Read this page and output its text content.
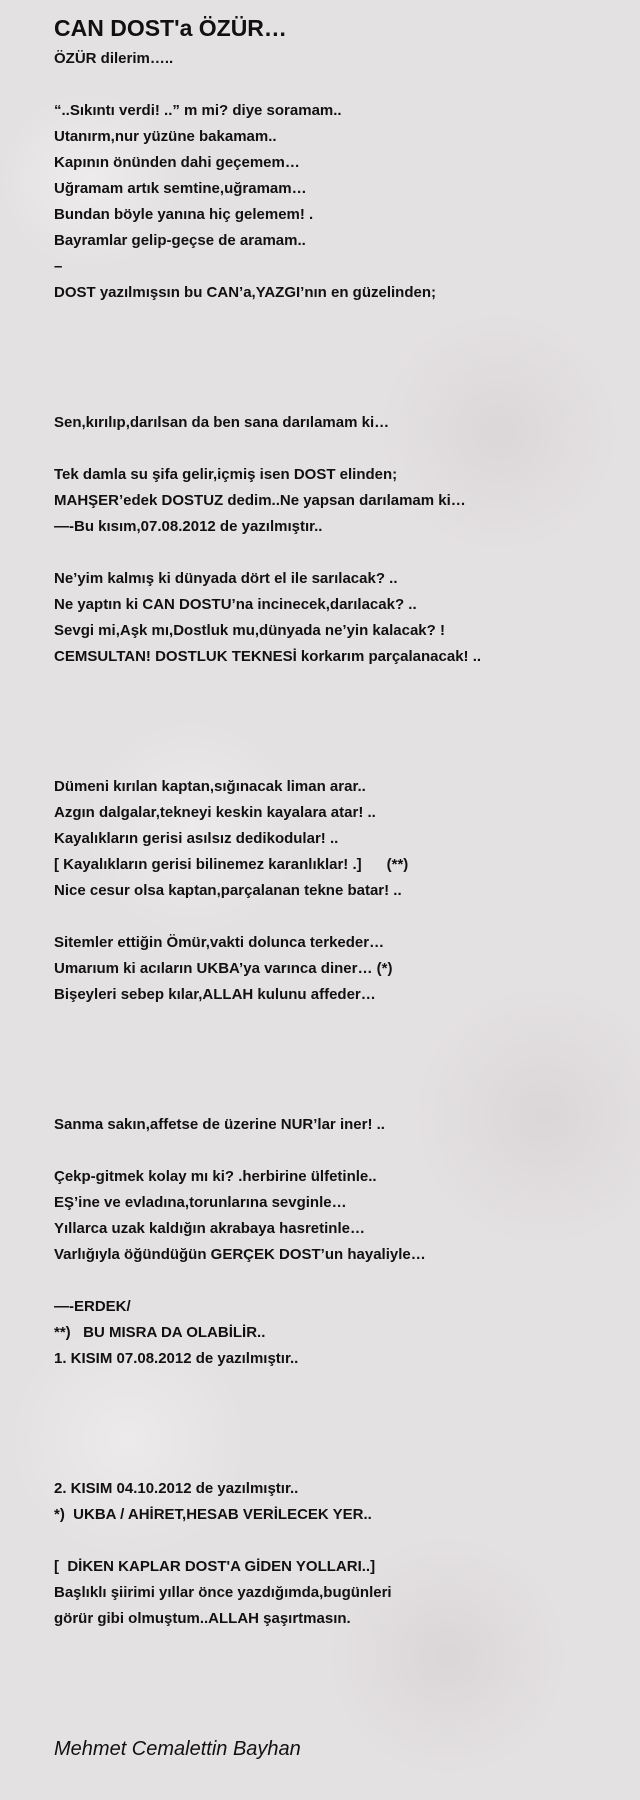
CAN DOST'a ÖZÜR…
ÖZÜR dilerim…..
“..Sıkıntı verdi! ..” m mi? diye soramam..
Utanırm,nur yüzüne bakamam..
Kapının önünden dahi geçemem…
Uğramam artık semtine,uğramam…
Bundan böyle yanına hiç gelemem! .
Bayramlar gelip-geçse de aramam..
–
DOST yazılmışsın bu CAN’a,YAZGI’nın en güzelinden;
Sen,kırılıp,darılsan da ben sana darılamam ki…
Tek damla su şifa gelir,içmiş isen DOST elinden;
MAHŞER’edek DOSTUZ dedim..Ne yapsan darılamam ki…
—-Bu kısım,07.08.2012 de yazılmıştır..
Ne’yim kalmış ki dünyada dört el ile sarılacak? ..
Ne yaptın ki CAN DOSTU’na incinecek,darılacak? ..
Sevgi mi,Aşk mı,Dostluk mu,dünyada ne’yin kalacak? !
CEMSULTAN! DOSTLUK TEKNESİ korkarım parçalanacak! ..
Dümeni kırılan kaptan,sığınacak liman arar..
Azgın dalgalar,tekneyi keskin kayalara atar! ..
Kayalıkların gerisi asılsız dedikodular! ..
[ Kayalıkların gerisi bilinemez karanlıklar! .]      (**)
Nice cesur olsa kaptan,parçalanan tekne batar! ..
Sitemler ettiğin Ömür,vakti dolunca terkeder…
Umarıum ki acıların UKBA’ya varınca diner… (*)
Bişeyleri sebep kılar,ALLAH kulunu affeder…
Sanma sakın,affetse de üzerine NUR’lar iner! ..
Çekp-gitmek kolay mı ki? .herbirine ülfetinle..
EŞ’ine ve evladına,torunlarına sevginle…
Yıllarca uzak kaldığın akrabaya hasretinle…
Varlığıyla öğündüğün GERÇEK DOST’un hayaliyle…
—-ERDEK/
**)   BU MISRA DA OLABİLİR..
1. KISIM 07.08.2012 de yazılmıştır..
2. KISIM 04.10.2012 de yazılmıştır..
*)  UKBA / AHİRET,HESAB VERİLECEK YER..
[  DİKEN KAPLAR DOST'A GİDEN YOLLARI..]
Başlıklı şiirimi yıllar önce yazdığımda,bugünleri
görür gibi olmuştum..ALLAH şaşırtmasın.

Mehmet Cemalettin Bayhan
